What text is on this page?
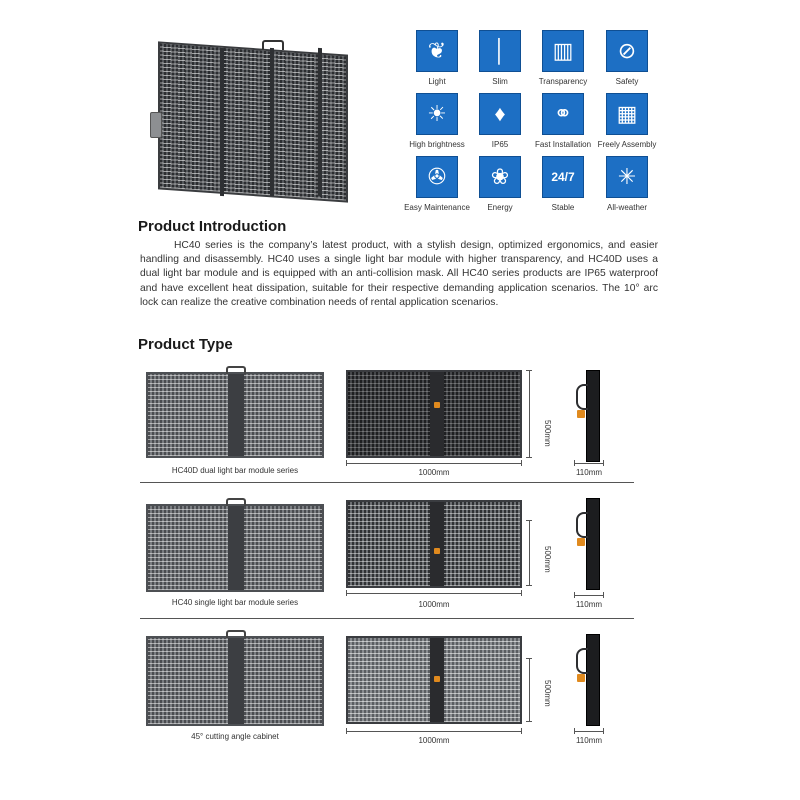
❦
Light
│
Slim
▥
Transparency
⊘
Safety
☀
High brightness
♦
IP65
⚭
Fast Installation
▦
Freely Assembly
✇
Easy Maintenance
❀
Energy
24/7
Stable
✳
All-weather
Product Introduction
HC40 series is the company’s latest product, with a stylish design, optimized ergonomics, and easier handling and disassembly. HC40 uses a single light bar module with higher transparency, and HC40D uses a dual light bar module and is equipped with an anti-collision mask. All HC40 series products are IP65 waterproof and have excellent heat dissipation, suitable for their respective demanding application scenarios. The 10° arc lock can realize the creative combination needs of rental application scenarios.
Product Type
HC40D dual light bar module series	1000mm
500mm
110mm
HC40 single light bar module series	1000mm
500mm
110mm
45° cutting angle cabinet	1000mm
500mm
110mm
